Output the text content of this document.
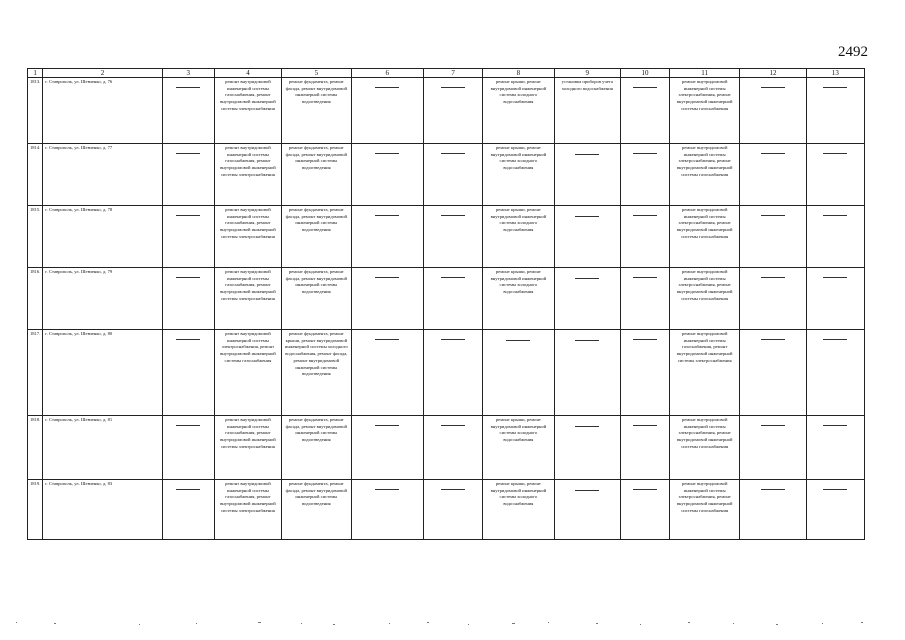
2492
1	2	3	4	5	6	7	8	9	10	11	12	13
1813.	г. Ставрополь, ул. Шевченко, д. 76		ремонт внутридомовой инженерной системы газоснабжения, ремонт внутридомовой инженерной системы электроснабжения	ремонт фундамента, ремонт фасада, ремонт внутридомовой инженерной системы водоотведения			ремонт крыши, ремонт внутридомовой инженерной системы холодного водоснабжения	установка приборов учета холодного водоснабжения		ремонт внутридомовой инженерной системы электроснабжения, ремонт внутридомовой инженерной системы газоснабжения	

1814.	г. Ставрополь, ул. Шевченко, д. 77		ремонт внутридомовой инженерной системы газоснабжения, ремонт внутридомовой инженерной системы электроснабжения	ремонт фундамента, ремонт фасада, ремонт внутридомовой инженерной системы водоотведения			ремонт крыши, ремонт внутридомовой инженерной системы холодного водоснабжения			ремонт внутридомовой инженерной системы электроснабжения, ремонт внутридомовой инженерной системы газоснабжения	

1815.	г. Ставрополь, ул. Шевченко, д. 78		ремонт внутридомовой инженерной системы газоснабжения, ремонт внутридомовой инженерной системы электроснабжения	ремонт фундамента, ремонт фасада, ремонт внутридомовой инженерной системы водоотведения			ремонт крыши, ремонт внутридомовой инженерной системы холодного водоснабжения			ремонт внутридомовой инженерной системы электроснабжения, ремонт внутридомовой инженерной системы газоснабжения	

1816.	г. Ставрополь, ул. Шевченко, д. 79		ремонт внутридомовой инженерной системы газоснабжения, ремонт внутридомовой инженерной системы электроснабжения	ремонт фундамента, ремонт фасада, ремонт внутридомовой инженерной системы водоотведения			ремонт крыши, ремонт внутридомовой инженерной системы холодного водоснабжения			ремонт внутридомовой инженерной системы электроснабжения, ремонт внутридомовой инженерной системы газоснабжения	

1817.	г. Ставрополь, ул. Шевченко, д. 80		ремонт внутридомовой инженерной системы электроснабжения, ремонт внутридомовой инженерной системы газоснабжения	ремонт фундамента, ремонт крыши, ремонт внутридомовой инженерной системы холодного водоснабжения, ремонт фасада, ремонт внутридомовой инженерной системы водоотведения						ремонт внутридомовой инженерной системы газоснабжения, ремонт внутридомовой инженерной системы электроснабжения	

1818.	г. Ставрополь, ул. Шевченко, д. 81		ремонт внутридомовой инженерной системы газоснабжения, ремонт внутридомовой инженерной системы электроснабжения	ремонт фундамента, ремонт фасада, ремонт внутридомовой инженерной системы водоотведения			ремонт крыши, ремонт внутридомовой инженерной системы холодного водоснабжения			ремонт внутридомовой инженерной системы электроснабжения, ремонт внутридомовой инженерной системы газоснабжения	

1819.	г. Ставрополь, ул. Шевченко, д. 83		ремонт внутридомовой инженерной системы газоснабжения, ремонт внутридомовой инженерной системы электроснабжения	ремонт фундамента, ремонт фасада, ремонт внутридомовой инженерной системы водоотведения			ремонт крыши, ремонт внутридомовой инженерной системы холодного водоснабжения			ремонт внутридомовой инженерной системы электроснабжения, ремонт внутридомовой инженерной системы газоснабжения	
